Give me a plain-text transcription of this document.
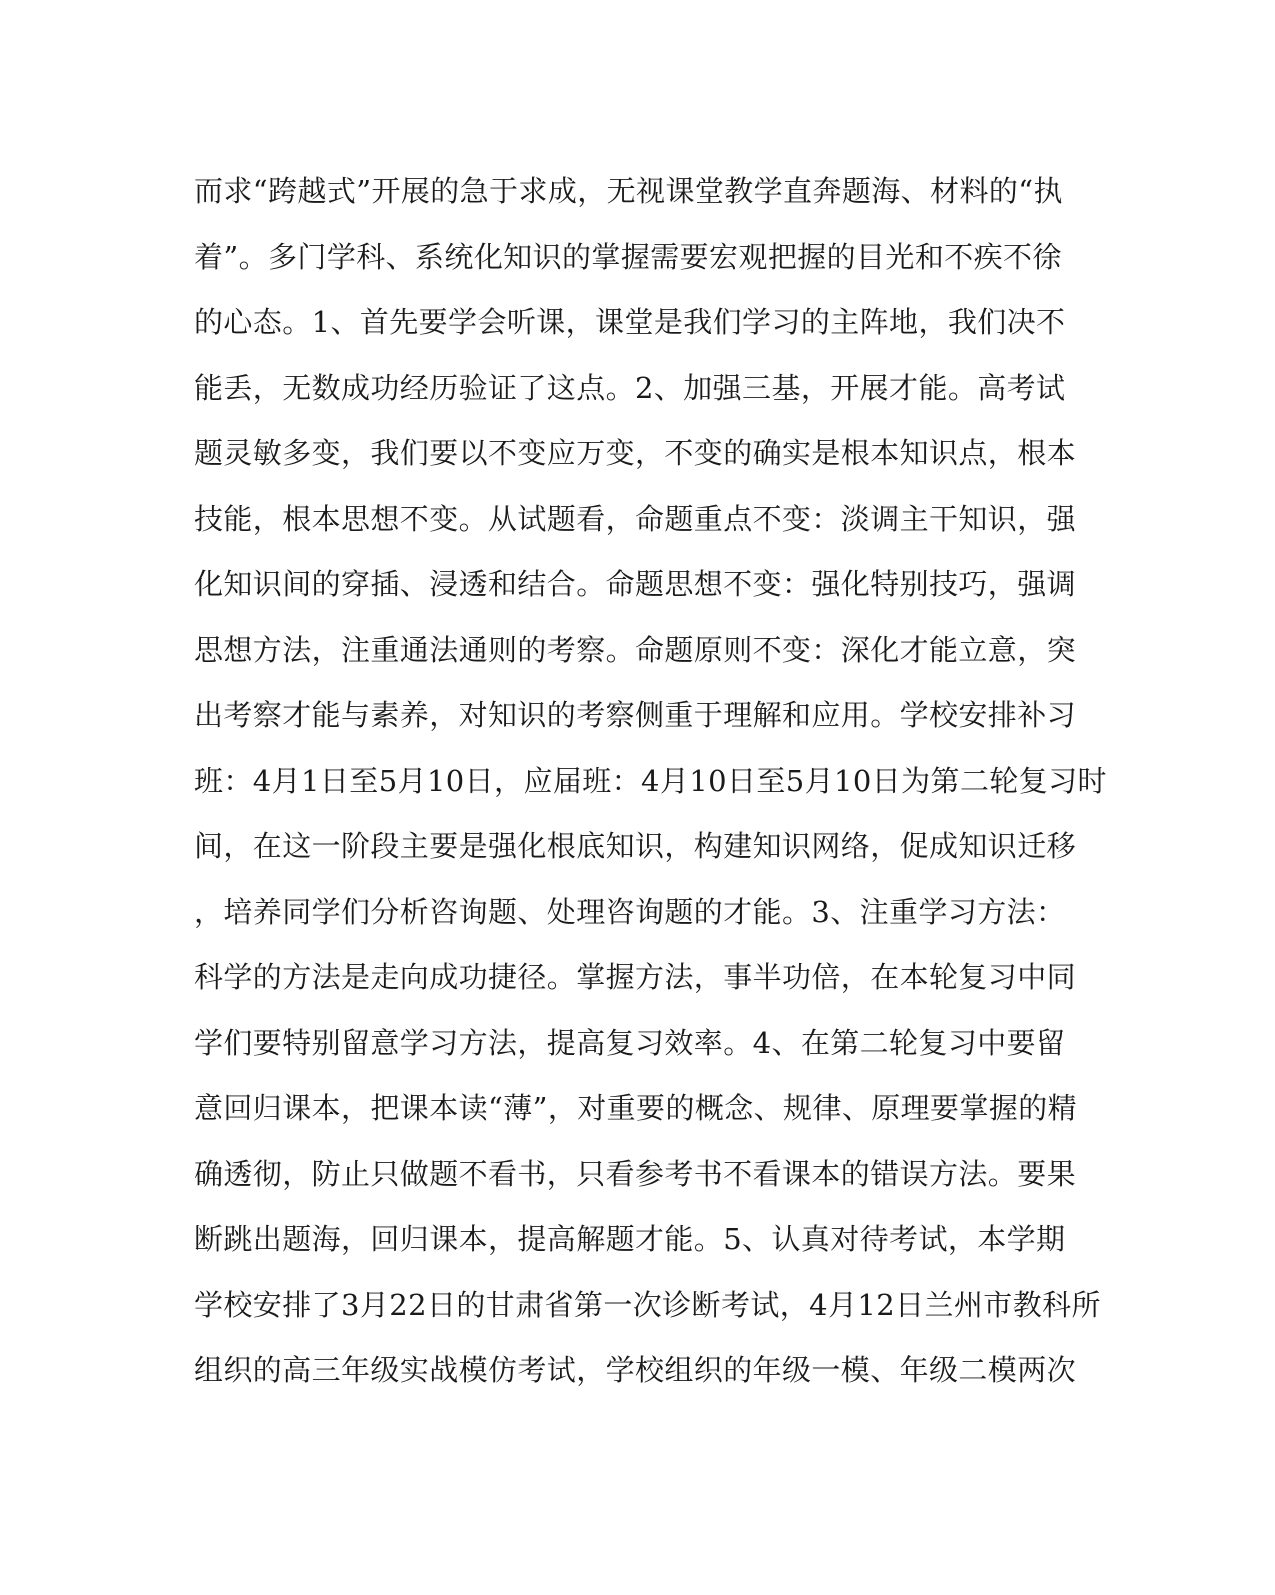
而求“跨越式”开展的急于求成，无视课堂教学直奔题海、材料的“执
着”。多门学科、系统化知识的掌握需要宏观把握的目光和不疾不徐
的心态。1、首先要学会听课，课堂是我们学习的主阵地，我们决不
能丢，无数成功经历验证了这点。2、加强三基，开展才能。高考试
题灵敏多变，我们要以不变应万变，不变的确实是根本知识点，根本
技能，根本思想不变。从试题看，命题重点不变：淡调主干知识，强
化知识间的穿插、浸透和结合。命题思想不变：强化特别技巧，强调
思想方法，注重通法通则的考察。命题原则不变：深化才能立意，突
出考察才能与素养，对知识的考察侧重于理解和应用。学校安排补习
班：4月1日至5月10日，应届班：4月10日至5月10日为第二轮复习时
间，在这一阶段主要是强化根底知识，构建知识网络，促成知识迁移
，培养同学们分析咨询题、处理咨询题的才能。3、注重学习方法：
科学的方法是走向成功捷径。掌握方法，事半功倍，在本轮复习中同
学们要特别留意学习方法，提高复习效率。4、在第二轮复习中要留
意回归课本，把课本读“薄”，对重要的概念、规律、原理要掌握的精
确透彻，防止只做题不看书，只看参考书不看课本的错误方法。要果
断跳出题海，回归课本，提高解题才能。5、认真对待考试，本学期
学校安排了3月22日的甘肃省第一次诊断考试，4月12日兰州市教科所
组织的高三年级实战模仿考试，学校组织的年级一模、年级二模两次
